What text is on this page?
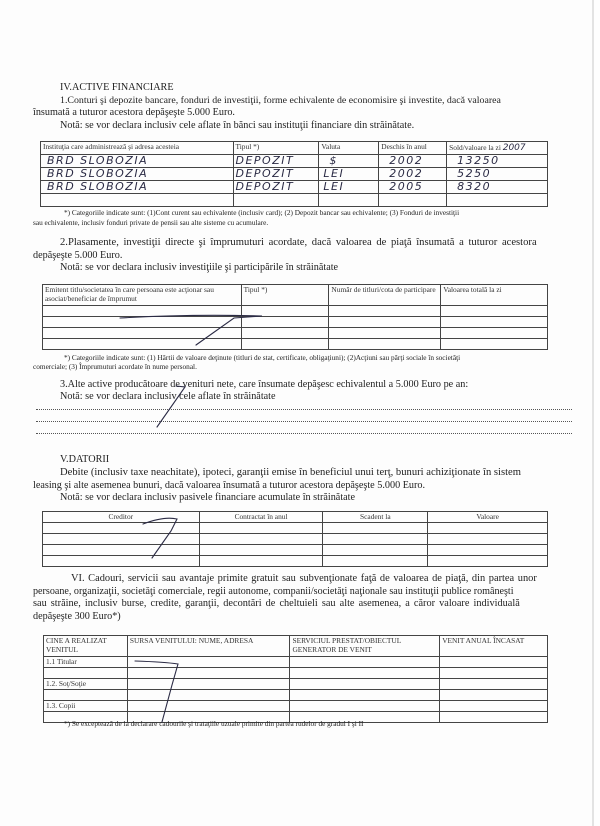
IV.ACTIVE FINANCIARE
1.Conturi şi depozite bancare, fonduri de investiţii, forme echivalente de economisire şi investite, dacă valoarea
însumată a tuturor acestora depăşeşte 5.000 Euro.
Notă: se vor declara inclusiv cele aflate în bănci sau instituţii financiare din străinătate.
Instituţia care administrează şi adresa acesteia	Tipul *)	Valuta	Deschis în anul	Sold/valoare la zi 2007
BRD SLOBOZIA	DEPOZIT	$	2002	13250
BRD SLOBOZIA	DEPOZIT	LEI	2002	5250
BRD SLOBOZIA	DEPOZIT	LEI	2005	8320

*) Categoriile indicate sunt: (1)Cont curent sau echivalente (inclusiv card); (2) Depozit bancar sau echivalente; (3) Fonduri de investiţii
sau echivalente, inclusiv fonduri private de pensii sau alte sisteme cu acumulare.
2.Plasamente, investiţii directe şi împrumuturi acordate, dacă valoarea de piaţă însumată a tuturor acestora
depăşeşte 5.000 Euro.
Notă: se vor declara inclusiv investiţiile şi participările în străinătate
Emitent titlu/societatea în care persoana este acţionar sau asociat/beneficiar de împrumut	Tipul *)	Număr de titluri/cota de participare	Valoarea totală la zi

*) Categoriile indicate sunt: (1) Hârtii de valoare deţinute (titluri de stat, certificate, obligaţiuni); (2)Acţiuni sau părţi sociale în societăţi
comerciale; (3) Împrumuturi acordate în nume personal.
3.Alte active producătoare de venituri nete, care însumate depăşesc echivalentul a 5.000 Euro pe an:
Notă: se vor declara inclusiv cele aflate în străinătate
V.DATORII
Debite (inclusiv taxe neachitate), ipoteci, garanţii emise în beneficiul unui terţ, bunuri achiziţionate în sistem
leasing şi alte asemenea bunuri, dacă valoarea însumată a tuturor acestora depăşeşte 5.000 Euro.
Notă: se vor declara inclusiv pasivele financiare acumulate în străinătate
Creditor	Contractat în anul	Scadent la	Valoare

VI. Cadouri, servicii sau avantaje primite gratuit sau subvenţionate faţă de valoarea de piaţă, din partea unor
persoane, organizaţii, societăţi comerciale, regii autonome, companii/societăţi naţionale sau instituţii publice româneşti
sau străine, inclusiv burse, credite, garanţii, decontări de cheltuieli sau alte asemenea, a căror valoare individuală
depăşeşte 300 Euro*)
CINE A REALIZAT VENITUL	SURSA VENITULUI: NUME, ADRESA	SERVICIUL PRESTAT/OBIECTUL GENERATOR DE VENIT	VENIT ANUAL ÎNCASAT
1.1 Titular			

1.2. Soţ/Soţie			

1.3. Copii			

*) Se exceptează de la declarare cadourile şi trataţiile uzuale primite din partea rudelor de gradul I şi II
